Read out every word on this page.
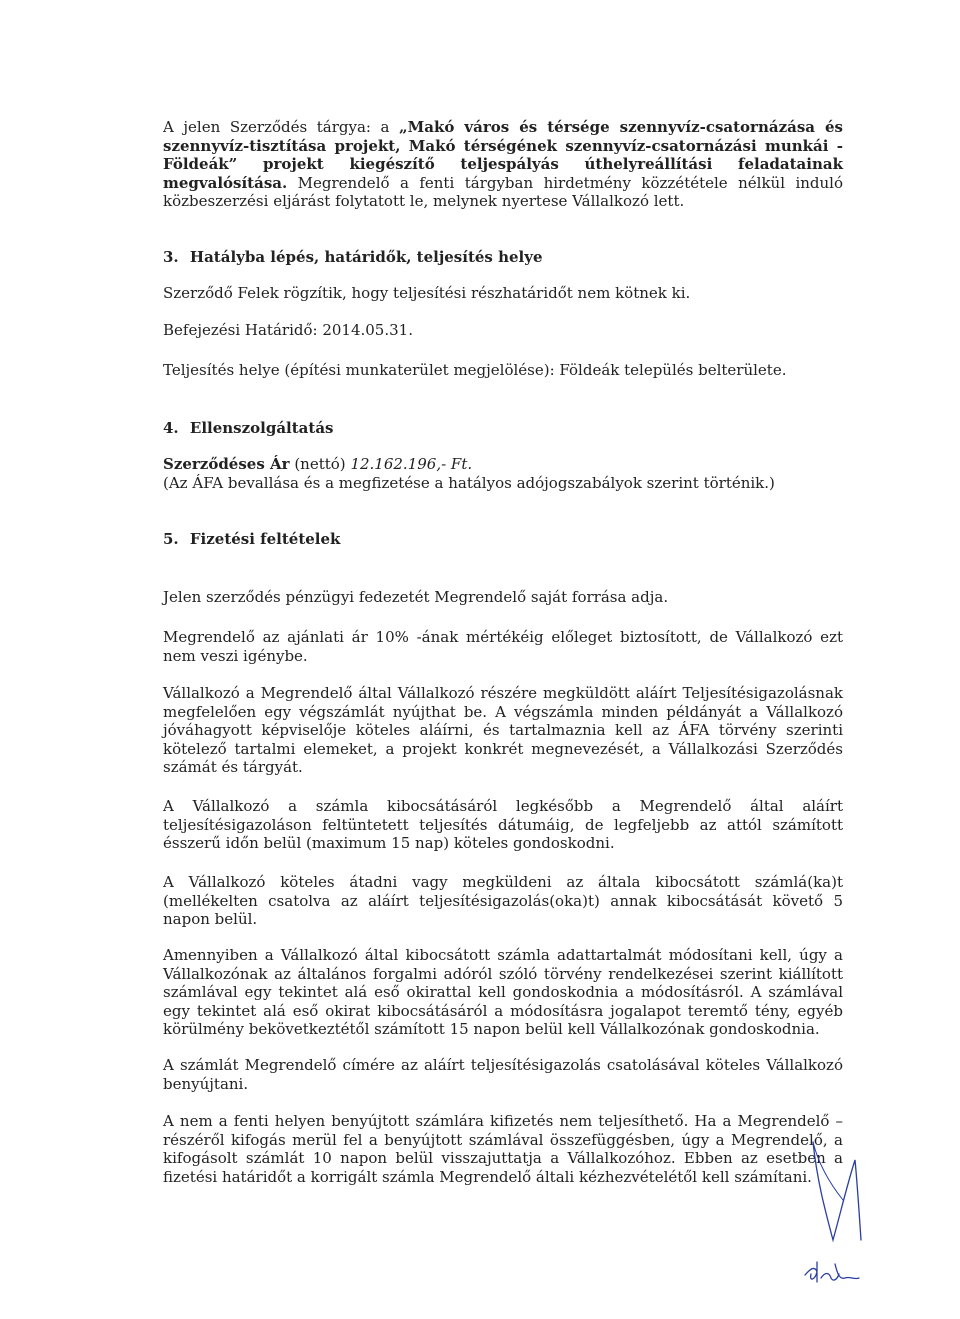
A jelen Szerződés tárgya: a „Makó város és térsége szennyvíz-csatornázása és szennyvíz-tisztítása projekt, Makó térségének szennyvíz-csatornázási munkái - Földeák” projekt kiegészítő teljespályás úthelyreállítási feladatainak megvalósítása. Megrendelő a fenti tárgyban hirdetmény közzététele nélkül induló közbeszerzési eljárást folytatott le, melynek nyertese Vállalkozó lett.
3. Hatályba lépés, határidők, teljesítés helye
Szerződő Felek rögzítik, hogy teljesítési részhatáridőt nem kötnek ki.
Befejezési Határidő: 2014.05.31.
Teljesítés helye (építési munkaterület megjelölése): Földeák település belterülete.
4. Ellenszolgáltatás
Szerződéses Ár (nettó) 12.162.196,- Ft.
(Az ÁFA bevallása és a megfizetése a hatályos adójogszabályok szerint történik.)
5. Fizetési feltételek
Jelen szerződés pénzügyi fedezetét Megrendelő saját forrása adja.
Megrendelő az ajánlati ár 10% -ának mértékéig előleget biztosított, de Vállalkozó ezt nem veszi igénybe.
Vállalkozó a Megrendelő által Vállalkozó részére megküldött aláírt Teljesítésigazolásnak megfelelően egy végszámlát nyújthat be. A végszámla minden példányát a Vállalkozó jóváhagyott képviselője köteles aláírni, és tartalmaznia kell az ÁFA törvény szerinti kötelező tartalmi elemeket, a projekt konkrét megnevezését, a Vállalkozási Szerződés számát és tárgyát.
A Vállalkozó a számla kibocsátásáról legkésőbb a Megrendelő által aláírt teljesítésigazoláson feltüntetett teljesítés dátumáig, de legfeljebb az attól számított ésszerű időn belül (maximum 15 nap) köteles gondoskodni.
A Vállalkozó köteles átadni vagy megküldeni az általa kibocsátott számlá(ka)t (mellékelten csatolva az aláírt teljesítésigazolás(oka)t) annak kibocsátását követő 5 napon belül.
Amennyiben a Vállalkozó által kibocsátott számla adattartalmát módosítani kell, úgy a Vállalkozónak az általános forgalmi adóról szóló törvény rendelkezései szerint kiállított számlával egy tekintet alá eső okirattal kell gondoskodnia a módosításról. A számlával egy tekintet alá eső okirat kibocsátásáról a módosításra jogalapot teremtő tény, egyéb körülmény bekövetkeztétől számított 15 napon belül kell Vállalkozónak gondoskodnia.
A számlát Megrendelő címére az aláírt teljesítésigazolás csatolásával köteles Vállalkozó benyújtani.
A nem a fenti helyen benyújtott számlára kifizetés nem teljesíthető. Ha a Megrendelő – részéről kifogás merül fel a benyújtott számlával összefüggésben, úgy a Megrendelő, a kifogásolt számlát 10 napon belül visszajuttatja a Vállalkozóhoz. Ebben az esetben a fizetési határidőt a korrigált számla Megrendelő általi kézhezvételétől kell számítani.
